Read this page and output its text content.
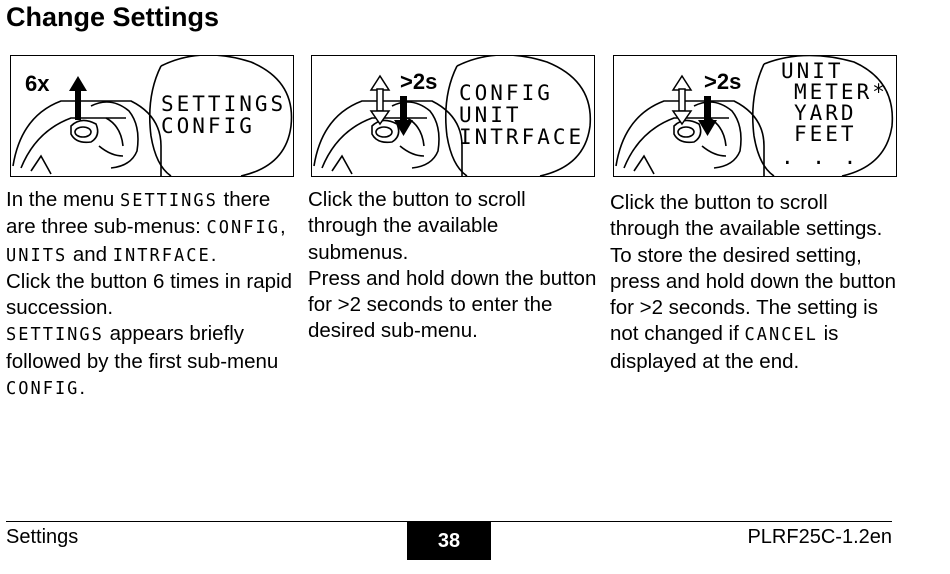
Change Settings
6x
SETTINGS
CONFIG
>2s CONFIG
UNIT
INTRFACE
>2s UNIT
METER*
YARD
FEET
. . .

In the menu SETTINGS there are three sub-menus: CONFIG, UNITS and INTRFACE.

Click the button 6 times in rapid succession.

SETTINGS appears briefly followed by the first sub-menu CONFIG.

Click the button to scroll through the available submenus.

Press and hold down the button for >2 seconds to enter the desired sub-menu.

Click the button to scroll through the available settings.

To store the desired setting, press and hold down the button for >2 seconds. The setting is not changed if CANCEL is displayed at the end.

Settings	38	PLRF25C-1.2en
